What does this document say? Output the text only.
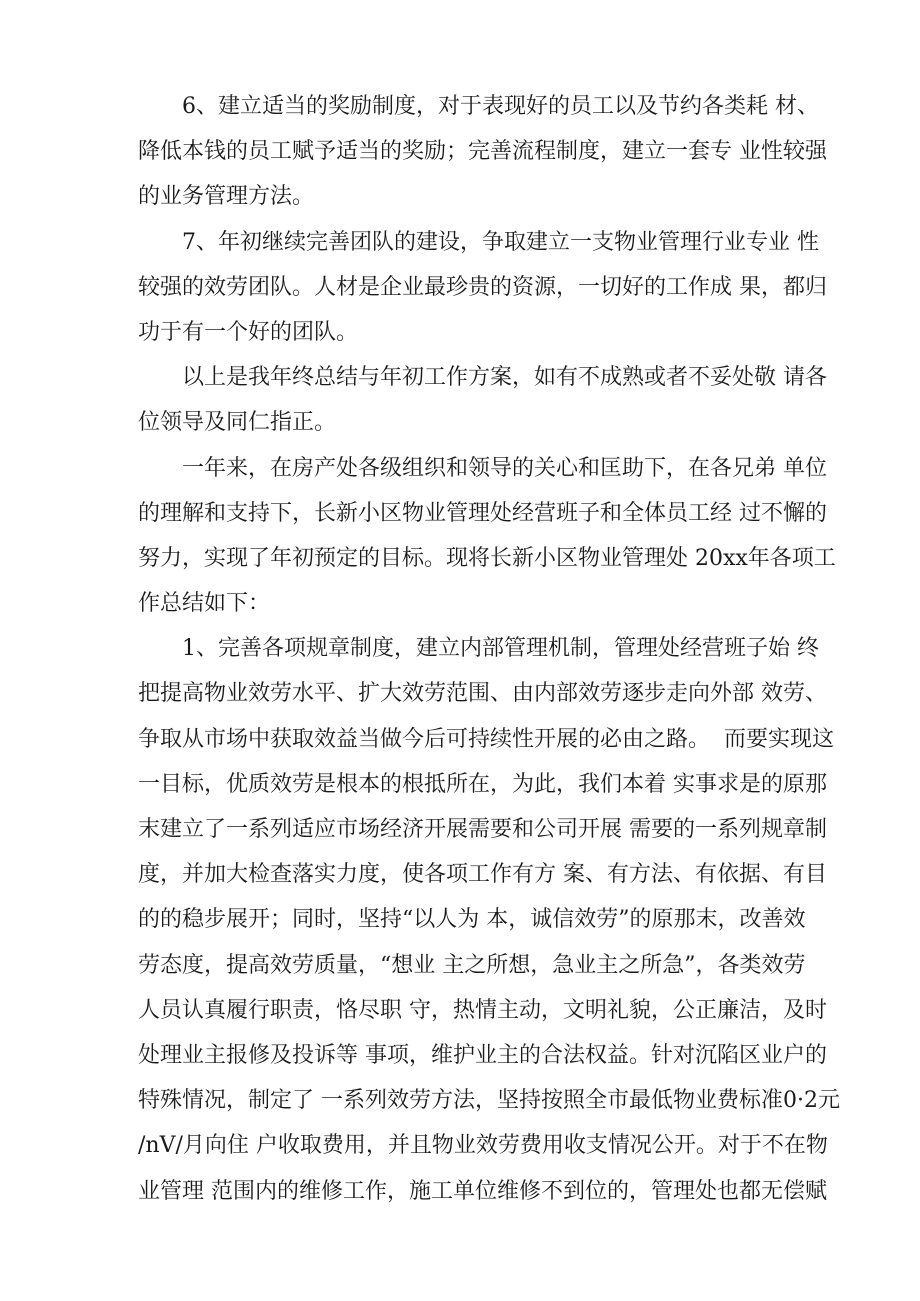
6、建立适当的奖励制度，对于表现好的员工以及节约各类耗 材、
降低本钱的员工赋予适当的奖励；完善流程制度，建立一套专 业性较强
的业务管理方法。
7、年初继续完善团队的建设，争取建立一支物业管理行业专业 性
较强的效劳团队。人材是企业最珍贵的资源，一切好的工作成 果，都归
功于有一个好的团队。
以上是我年终总结与年初工作方案，如有不成熟或者不妥处敬 请各
位领导及同仁指正。
一年来，在房产处各级组织和领导的关心和匡助下，在各兄弟 单位
的理解和支持下，长新小区物业管理处经营班子和全体员工经 过不懈的
努力，实现了年初预定的目标。现将长新小区物业管理处 20xx年各项工
作总结如下：
1、完善各项规章制度，建立内部管理机制，管理处经营班子始 终
把提高物业效劳水平、扩大效劳范围、由内部效劳逐步走向外部 效劳、
争取从市场中获取效益当做今后可持续性开展的必由之路。  而要实现这
一目标，优质效劳是根本的根抵所在，为此，我们本着 实事求是的原那
末建立了一系列适应市场经济开展需要和公司开展 需要的一系列规章制
度，并加大检查落实力度，使各项工作有方 案、有方法、有依据、有目
的的稳步展开；同时，坚持“以人为 本，诚信效劳”的原那末，改善效
劳态度，提高效劳质量，“想业 主之所想，急业主之所急”，各类效劳
人员认真履行职责，恪尽职 守，热情主动，文明礼貌，公正廉洁，及时
处理业主报修及投诉等 事项，维护业主的合法权益。针对沉陷区业户的
特殊情况，制定了 一系列效劳方法，坚持按照全市最低物业费标准0·2元
/nV/月向住 户收取费用，并且物业效劳费用收支情况公开。对于不在物
业管理 范围内的维修工作，施工单位维修不到位的，管理处也都无偿赋
